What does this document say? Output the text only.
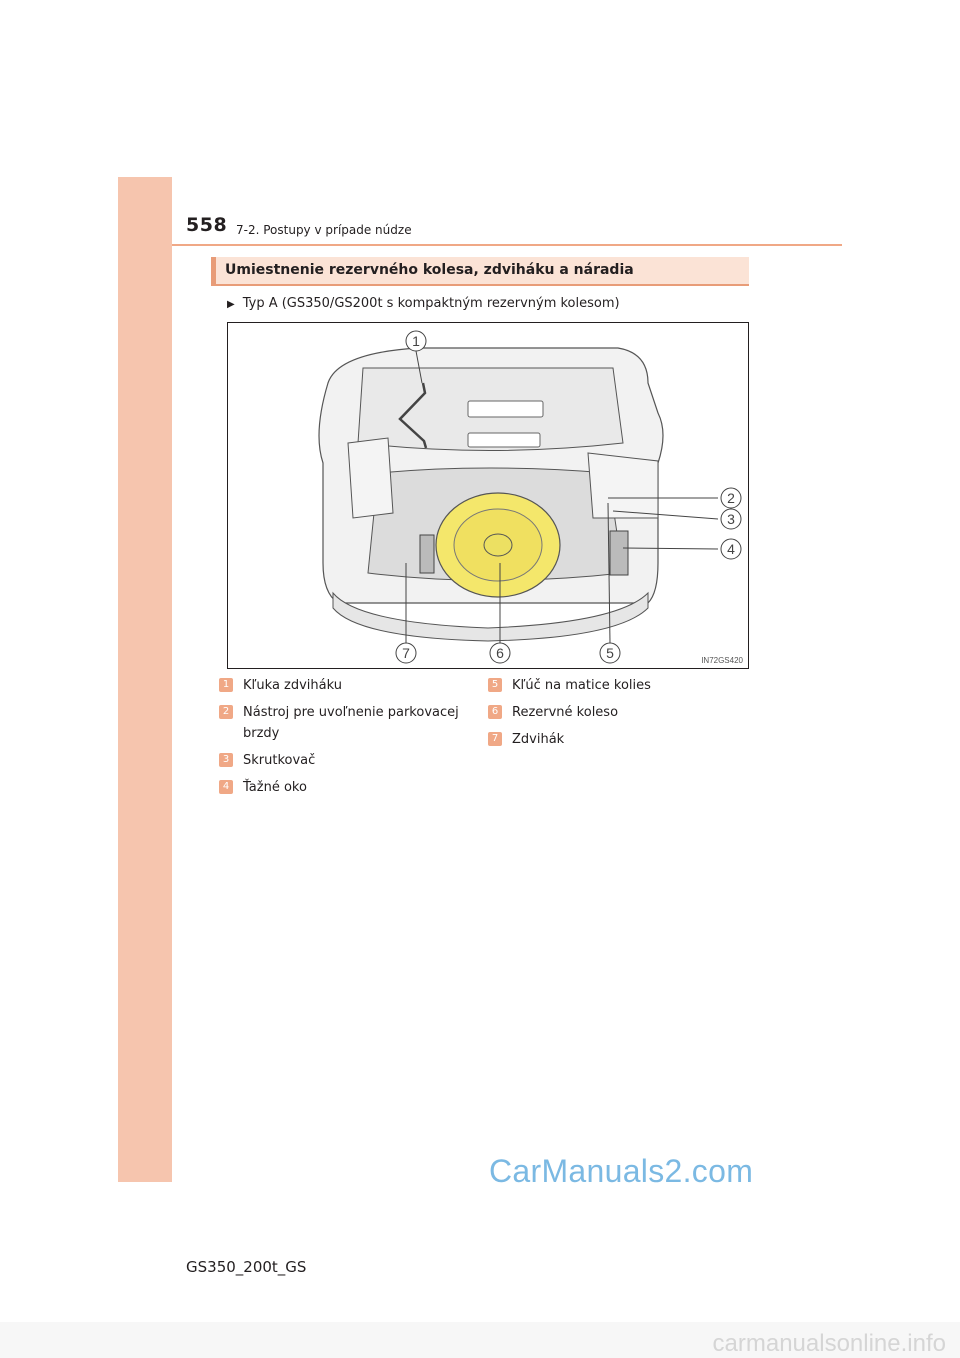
558 7-2. Postupy v prípade núdze
Umiestnenie rezervného kolesa, zdviháku a náradia
▶ Typ A (GS350/GS200t s kompaktným rezervným kolesom)
1
2
3
4
5
6
7	IN72GS420
1 Kľuka zdviháku
2 Nástroj pre uvoľnenie parkovacej
brzdy
3 Skrutkovač
4 Ťažné oko
5 Kľúč na matice kolies
6 Rezervné koleso
7 Zdvihák
CarManuals2.com
GS350_200t_GS
carmanualsonline.info
